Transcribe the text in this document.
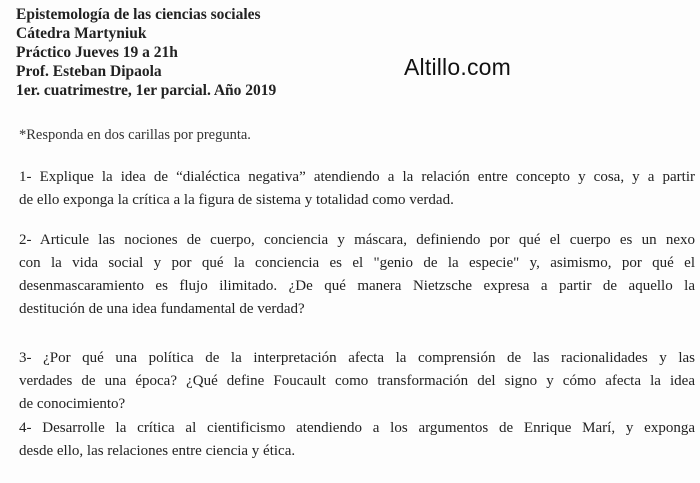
Epistemología de las ciencias sociales
Cátedra Martyniuk
Práctico Jueves 19 a 21h
Prof. Esteban Dipaola
1er. cuatrimestre, 1er parcial. Año 2019
Altillo.com
*Responda en dos carillas por pregunta.
1- Explique la idea de “dialéctica negativa” atendiendo a la relación entre concepto y cosa, y a partir
de ello exponga la crítica a la figura de sistema y totalidad como verdad.
2- Articule las nociones de cuerpo, conciencia y máscara, definiendo por qué el cuerpo es un nexo
con la vida social y por qué la conciencia es el "genio de la especie" y, asimismo, por qué el
desenmascaramiento es flujo ilimitado. ¿De qué manera Nietzsche expresa a partir de aquello la
destitución de una idea fundamental de verdad?
3- ¿Por qué una política de la interpretación afecta la comprensión de las racionalidades y las
verdades de una época? ¿Qué define Foucault como transformación del signo y cómo afecta la idea
de conocimiento?
4- Desarrolle la crítica al cientificismo atendiendo a los argumentos de Enrique Marí, y exponga
desde ello, las relaciones entre ciencia y ética.
